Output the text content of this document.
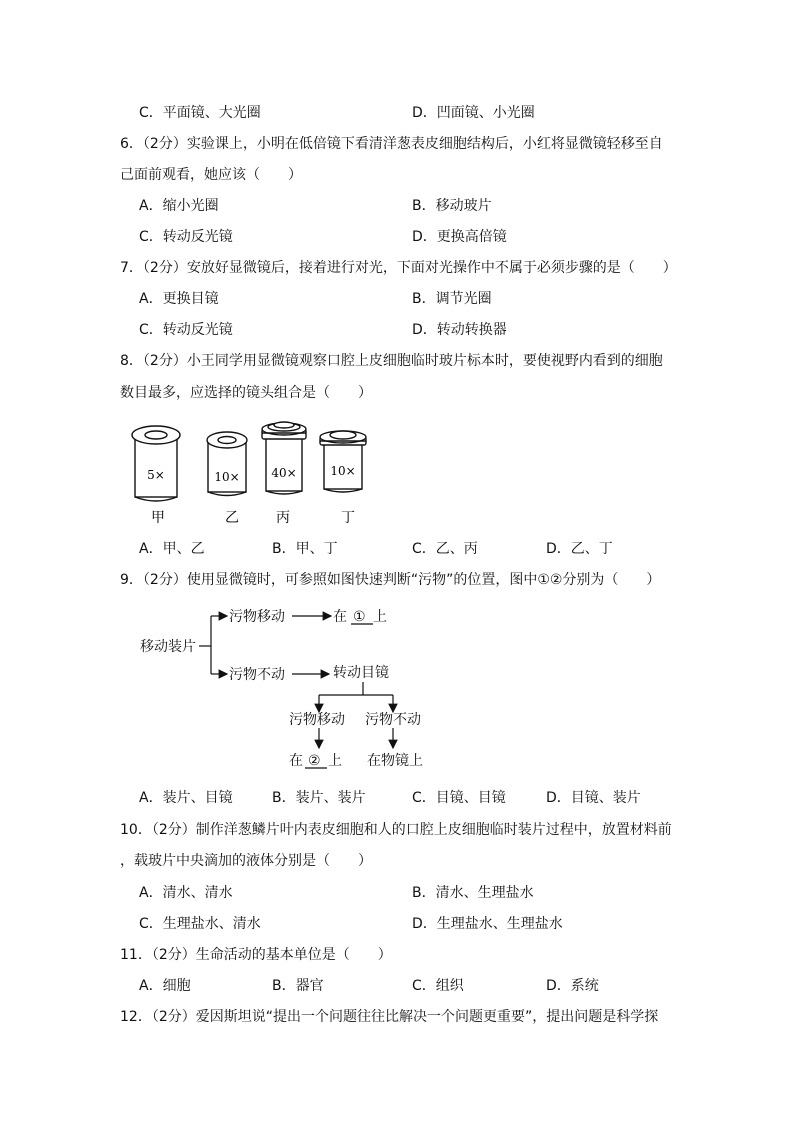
C．平面镜、大光圈	D．凹面镜、小光圈
6．（2分）实验课上，小明在低倍镜下看清洋葱表皮细胞结构后，小红将显微镜轻移至自
己面前观看，她应该（　　）
A．缩小光圈	B．移动玻片
C．转动反光镜	D．更换高倍镜
7．（2分）安放好显微镜后，接着进行对光，下面对光操作中不属于必须步骤的是（　　）
A．更换目镜	B．调节光圈
C．转动反光镜	D．转动转换器
8．（2分）小王同学用显微镜观察口腔上皮细胞临时玻片标本时，要使视野内看到的细胞
数目最多，应选择的镜头组合是（　　）
5×
甲
10×
乙
40×
丙
10×
丁
A．甲、乙	B．甲、丁	C．乙、丙	D．乙、丁
9．（2分）使用显微镜时，可参照如图快速判断“污物”的位置，图中①②分别为（　　）
移动装片
污物移动	在 ① 上
污物不动	转动目镜
污物移动 污物不动
在 ② 上 在物镜上
A．装片、目镜	B．装片、装片	C．目镜、目镜	D．目镜、装片
10．（2分）制作洋葱鳞片叶内表皮细胞和人的口腔上皮细胞临时装片过程中，放置材料前
，载玻片中央滴加的液体分别是（　　）
A．清水、清水	B．清水、生理盐水
C．生理盐水、清水	D．生理盐水、生理盐水
11．（2分）生命活动的基本单位是（　　）
A．细胞	B．器官	C．组织	D．系统
12．（2分）爱因斯坦说“提出一个问题往往比解决一个问题更重要”，提出问题是科学探
